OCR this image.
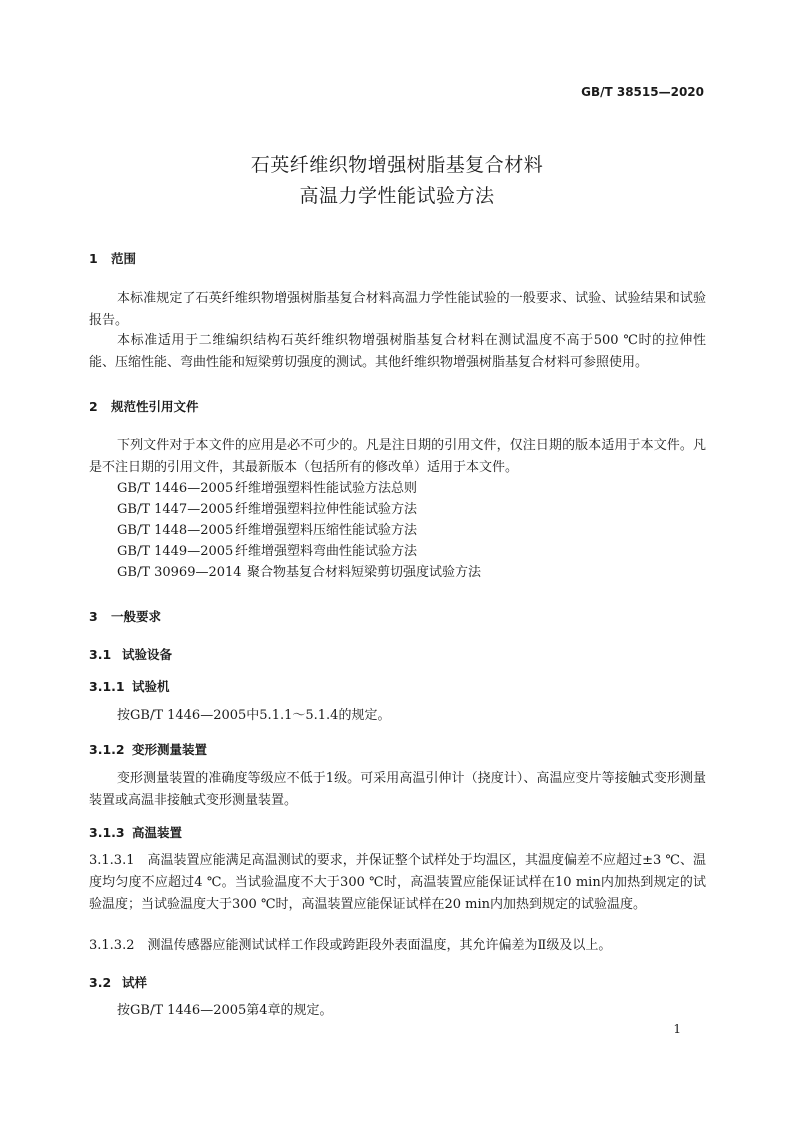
GB/T 38515—2020
石英纤维织物增强树脂基复合材料
高温力学性能试验方法
1 范围

本标准规定了石英纤维织物增强树脂基复合材料高温力学性能试验的一般要求、试验、试验结果和试验报告。

本标准适用于二维编织结构石英纤维织物增强树脂基复合材料在测试温度不高于500 ℃时的拉伸性能、压缩性能、弯曲性能和短梁剪切强度的测试。其他纤维织物增强树脂基复合材料可参照使用。

2 规范性引用文件

下列文件对于本文件的应用是必不可少的。凡是注日期的引用文件，仅注日期的版本适用于本文件。凡是不注日期的引用文件，其最新版本（包括所有的修改单）适用于本文件。

GB/T 1446—2005 纤维增强塑料性能试验方法总则
GB/T 1447—2005 纤维增强塑料拉伸性能试验方法
GB/T 1448—2005 纤维增强塑料压缩性能试验方法
GB/T 1449—2005 纤维增强塑料弯曲性能试验方法
GB/T 30969—2014 聚合物基复合材料短梁剪切强度试验方法
3 一般要求
3.1 试验设备
3.1.1 试验机

按GB/T 1446—2005中5.1.1～5.1.4的规定。

3.1.2 变形测量装置

变形测量装置的准确度等级应不低于1级。可采用高温引伸计（挠度计）、高温应变片等接触式变形测量装置或高温非接触式变形测量装置。

3.1.3 高温装置

3.1.3.1　高温装置应能满足高温测试的要求，并保证整个试样处于均温区，其温度偏差不应超过±3 ℃、温度均匀度不应超过4 ℃。当试验温度不大于300 ℃时，高温装置应能保证试样在10 min内加热到规定的试验温度；当试验温度大于300 ℃时，高温装置应能保证试样在20 min内加热到规定的试验温度。

3.1.3.2　测温传感器应能测试试样工作段或跨距段外表面温度，其允许偏差为Ⅱ级及以上。

3.2 试样

按GB/T 1446—2005第4章的规定。

1
